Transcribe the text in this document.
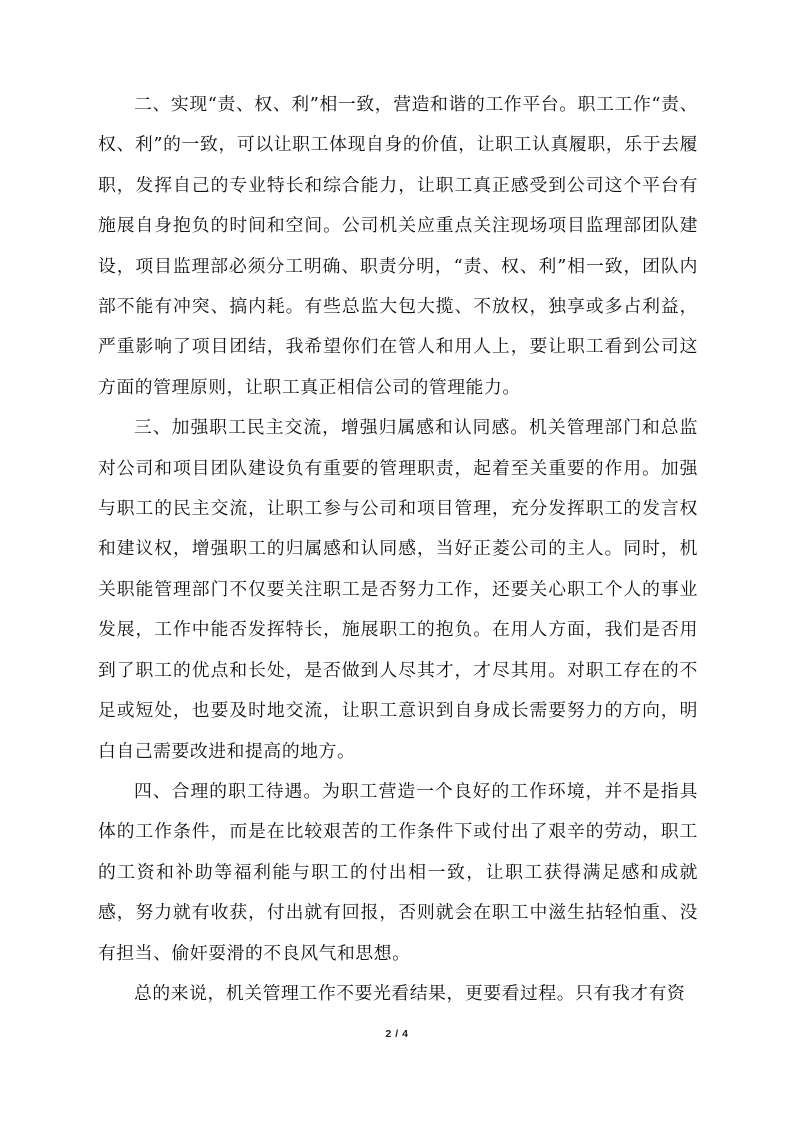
二、实现“责、权、利”相一致，营造和谐的工作平台。职工工作“责、权、利”的一致，可以让职工体现自身的价值，让职工认真履职，乐于去履职，发挥自己的专业特长和综合能力，让职工真正感受到公司这个平台有施展自身抱负的时间和空间。公司机关应重点关注现场项目监理部团队建设，项目监理部必须分工明确、职责分明，“责、权、利”相一致，团队内部不能有冲突、搞内耗。有些总监大包大揽、不放权，独享或多占利益，严重影响了项目团结，我希望你们在管人和用人上，要让职工看到公司这方面的管理原则，让职工真正相信公司的管理能力。

三、加强职工民主交流，增强归属感和认同感。机关管理部门和总监对公司和项目团队建设负有重要的管理职责，起着至关重要的作用。加强与职工的民主交流，让职工参与公司和项目管理，充分发挥职工的发言权和建议权，增强职工的归属感和认同感，当好正菱公司的主人。同时，机关职能管理部门不仅要关注职工是否努力工作，还要关心职工个人的事业发展，工作中能否发挥特长，施展职工的抱负。在用人方面，我们是否用到了职工的优点和长处，是否做到人尽其才，才尽其用。对职工存在的不足或短处，也要及时地交流，让职工意识到自身成长需要努力的方向，明白自己需要改进和提高的地方。

四、合理的职工待遇。为职工营造一个良好的工作环境，并不是指具体的工作条件，而是在比较艰苦的工作条件下或付出了艰辛的劳动，职工的工资和补助等福利能与职工的付出相一致，让职工获得满足感和成就感，努力就有收获，付出就有回报，否则就会在职工中滋生拈轻怕重、没有担当、偷奸耍滑的不良风气和思想。

总的来说，机关管理工作不要光看结果，更要看过程。只有我才有资

2 / 4
